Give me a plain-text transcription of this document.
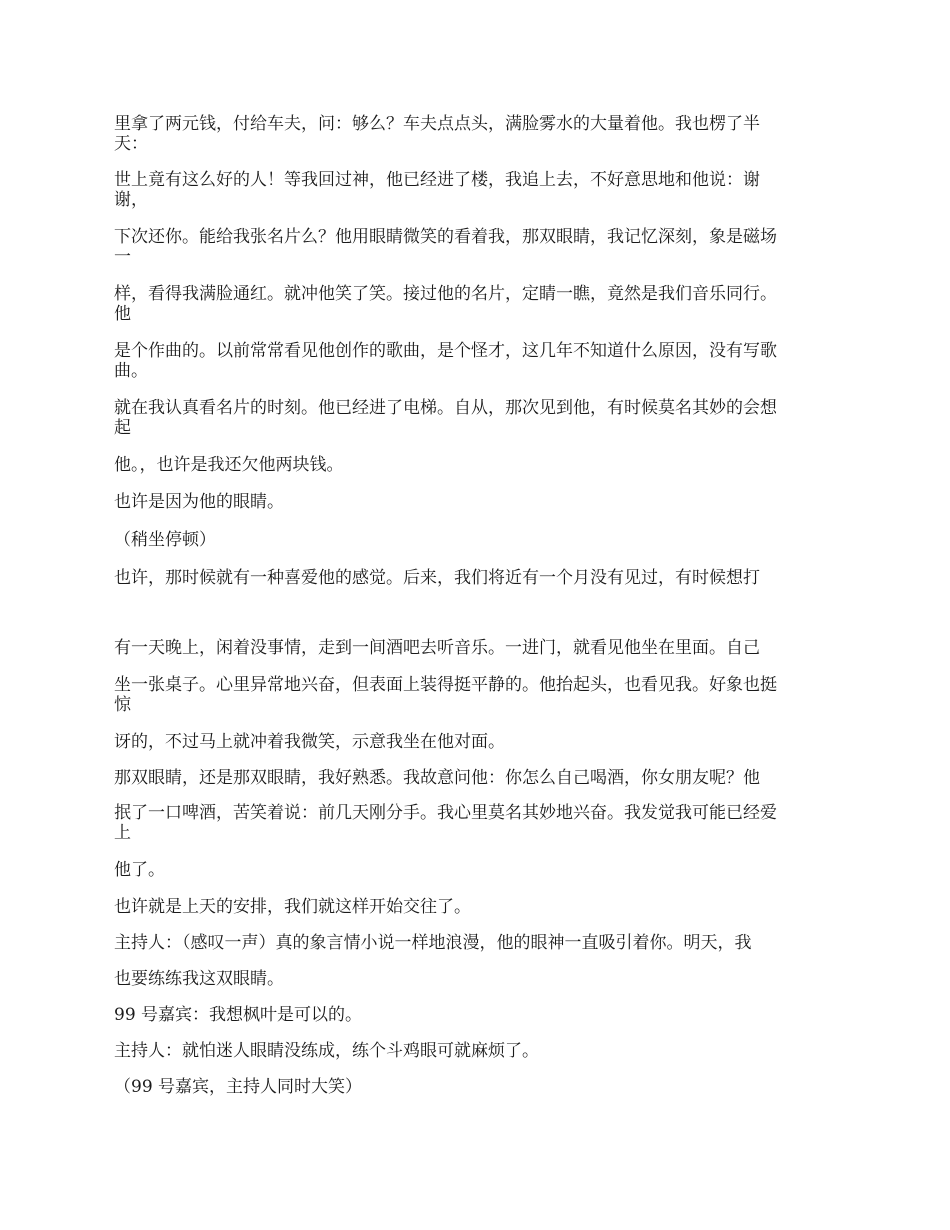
里拿了两元钱，付给车夫，问：够么？车夫点点头，满脸雾水的大量着他。我也楞了半
天：

世上竟有这么好的人！等我回过神，他已经进了楼，我追上去，不好意思地和他说：谢
谢，

下次还你。能给我张名片么？他用眼睛微笑的看着我，那双眼睛，我记忆深刻，象是磁场
一

样，看得我满脸通红。就冲他笑了笑。接过他的名片，定睛一瞧，竟然是我们音乐同行。
他

是个作曲的。以前常常看见他创作的歌曲，是个怪才，这几年不知道什么原因，没有写歌
曲。

就在我认真看名片的时刻。他已经进了电梯。自从，那次见到他，有时候莫名其妙的会想
起

他。，也许是我还欠他两块钱。

也许是因为他的眼睛。

（稍坐停顿）

也许，那时候就有一种喜爱他的感觉。后来，我们将近有一个月没有见过，有时候想打

有一天晚上，闲着没事情，走到一间酒吧去听音乐。一进门，就看见他坐在里面。自己

坐一张桌子。心里异常地兴奋，但表面上装得挺平静的。他抬起头，也看见我。好象也挺
惊

讶的，不过马上就冲着我微笑，示意我坐在他对面。

那双眼睛，还是那双眼睛，我好熟悉。我故意问他：你怎么自己喝酒，你女朋友呢？他

抿了一口啤酒，苦笑着说：前几天刚分手。我心里莫名其妙地兴奋。我发觉我可能已经爱
上

他了。

也许就是上天的安排，我们就这样开始交往了。

主持人：（感叹一声）真的象言情小说一样地浪漫，他的眼神一直吸引着你。明天，我

也要练练我这双眼睛。

99 号嘉宾：我想枫叶是可以的。

主持人：就怕迷人眼睛没练成，练个斗鸡眼可就麻烦了。

（99 号嘉宾，主持人同时大笑）
